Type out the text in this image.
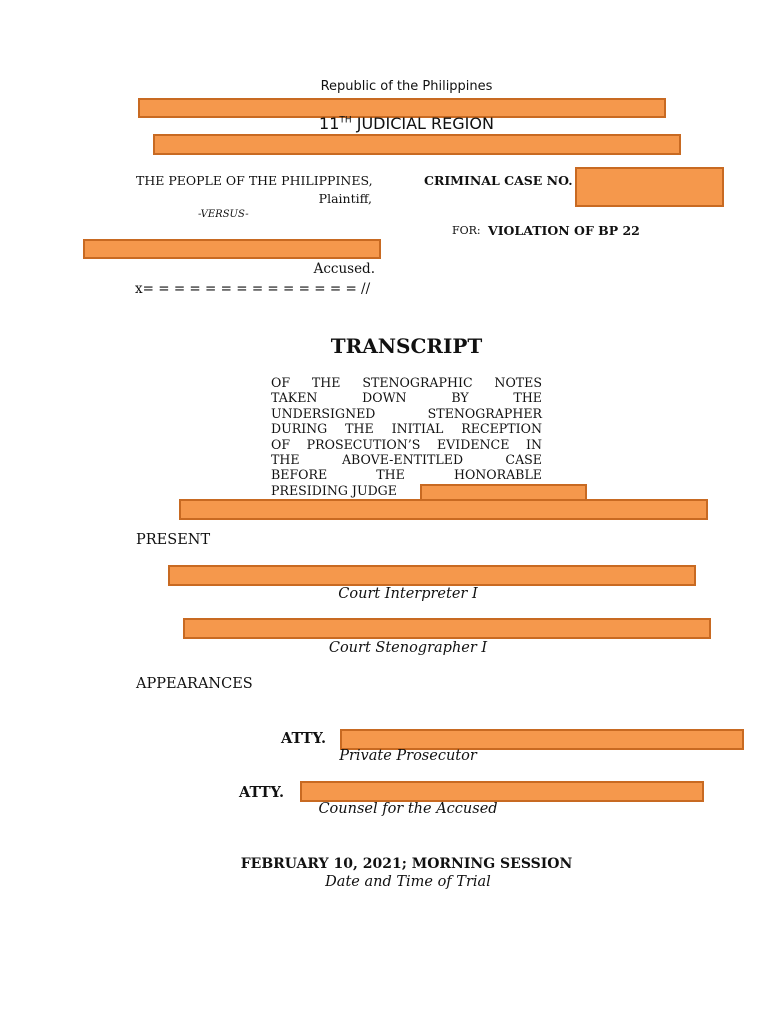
Republic of the Philippines
11TH JUDICIAL REGION
THE PEOPLE OF THE PHILIPPINES,
Plaintiff,
-VERSUS-
Accused.
x= = = = = = = = = = = = = = //
CRIMINAL CASE NO.
FOR: VIOLATION OF BP 22
TRANSCRIPT
OF THE STENOGRAPHIC NOTES
TAKEN DOWN BY THE
UNDERSIGNED STENOGRAPHER
DURING THE INITIAL RECEPTION
OF PROSECUTION’S EVIDENCE IN
THE ABOVE-ENTITLED CASE
BEFORE THE HONORABLE
PRESIDING JUDGE
PRESENT
Court Interpreter I
Court Stenographer I
APPEARANCES
ATTY.
Private Prosecutor
ATTY.
Counsel for the Accused
FEBRUARY 10, 2021; MORNING SESSION
Date and Time of Trial
